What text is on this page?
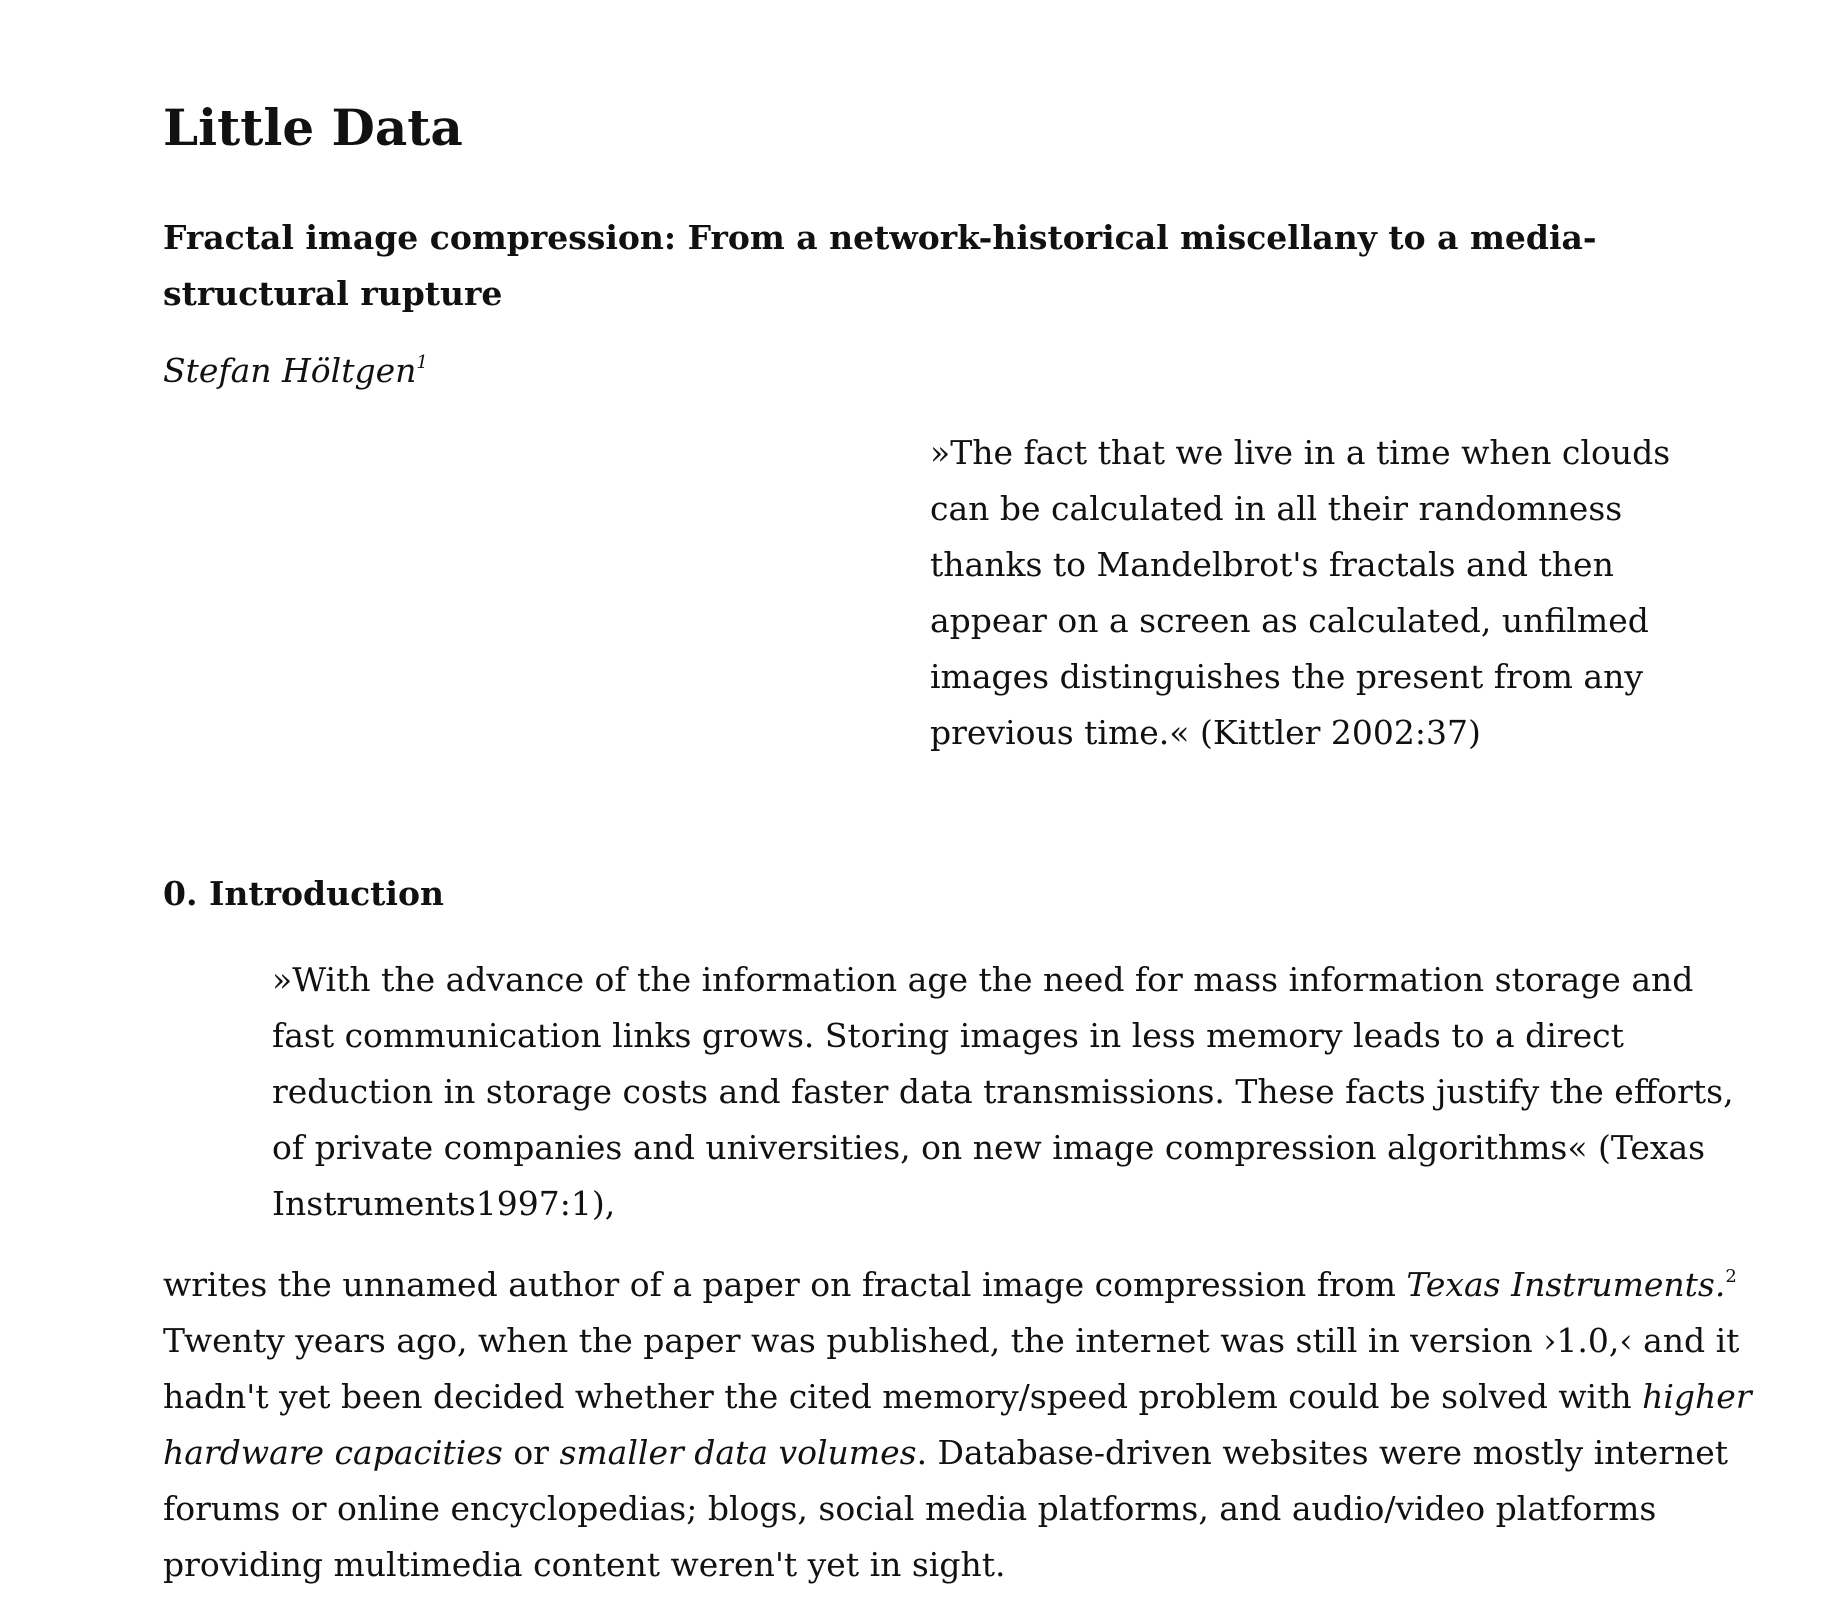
Little Data
Fractal image compression: From a network-historical miscellany to a media-structural rupture

Stefan Höltgen$^1$

»The fact that we live in a time when clouds
can be calculated in all their randomness
thanks to Mandelbrot's fractals and then
appear on a screen as calculated, unfilmed
images distinguishes the present from any
previous time.« (Kittler 2002:37)

0. Introduction
»With the advance of the information age the need for mass information storage and
fast communication links grows. Storing images in less memory leads to a direct
reduction in storage costs and faster data transmissions. These facts justify the efforts,
of private companies and universities, on new image compression algorithms« (Texas
Instruments1997:1),

writes the unnamed author of a paper on fractal image compression from Texas Instruments.$^2$
Twenty years ago, when the paper was published, the internet was still in version ›1.0,‹ and it
hadn't yet been decided whether the cited memory/speed problem could be solved with higher
hardware capacities or smaller data volumes. Database-driven websites were mostly internet
forums or online encyclopedias; blogs, social media platforms, and audio/video platforms
providing multimedia content weren't yet in sight.
